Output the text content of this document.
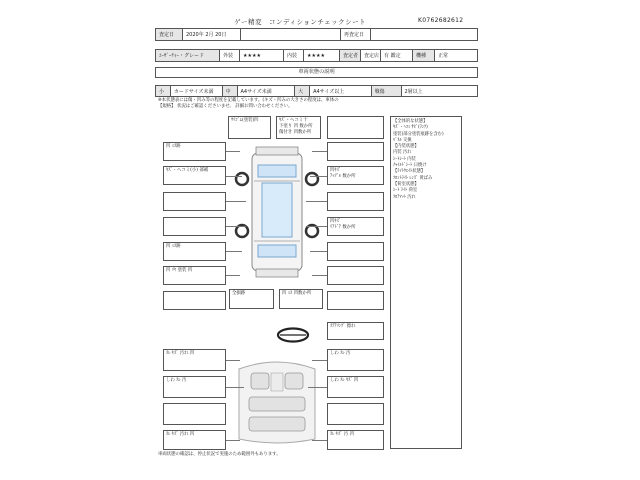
ゲー精変　コンディションチェックシート	K0762682612
査定日	2020年 2月 20日	再査定日
ﾕｰｻﾞｰﾃｨｰ・グレード	外装	★★★★	内装	★★★★	査定者	査定店 有 鑑定	機種	正常
車両状態の説明
小	カードサイズ未満	中	A4サイズ未満	大	A4サイズ以上	戦傷	2層以上
※本状態表には傷・凹み等の程度を記載しています。(キズ・凹みの大きさの程度は、車体の
【規格】 状況はご確認くださいませ。 詳細お問い合わせください。
凹 ﾐｽ跡
ｷｽﾞ・ヘコミ(小) 部補
凹 ﾐｽ跡
凹 ﾘﾔ 塗装 凹
ｳﾘｺﾞﾑ(塗装)凹	ｷｽﾞ・ヘコミ十
下塗り 凹 数か所
傷付き 凹数か所
凹ｷｽﾞ
ｱｯﾌﾟﾙ 数か所
凹ｷｽﾞ
ﾘｱﾄﾞｱ 数か所
全損跡	凹 ﾐｽ 凹数か所
【全体的な状態】
ｷｽﾞ・ﾍｺﾐ ｻﾋﾞ(ﾗﾝｸ)
塗装(部分塗装痕跡を含む)
ﾊﾟﾈﾙ 交換
【内装状態】
内装 汚れ
ｼｰﾄｼｰﾄ 内装
ﾁｬｲﾙﾄﾞｼｰﾄ 日焼け
【ﾗｲﾄｳｴｲﾄ状態】
ﾌﾛﾝﾄﾗｲﾄ ﾚﾝｽﾞ 黄ばみ
【荷室状態】
ｼｰﾄ ﾗｲﾄ 荷室
ﾌﾛｱﾏｯﾄ 汚れ
ｽﾃｱﾘﾝｸﾞ 擦れ
ｽﾚ ｷｽﾞ 汚れ 凹
しわ ｽﾚ 汚
ｽﾚ ｷｽﾞ 汚れ 凹
しわ ｽﾚ 汚
しわ ｽﾚ ｷｽﾞ 凹
ｽﾚ ｷｽﾞ 汚 凹
車両状態の確認は、停止状況で実施のため範囲外もあります。
